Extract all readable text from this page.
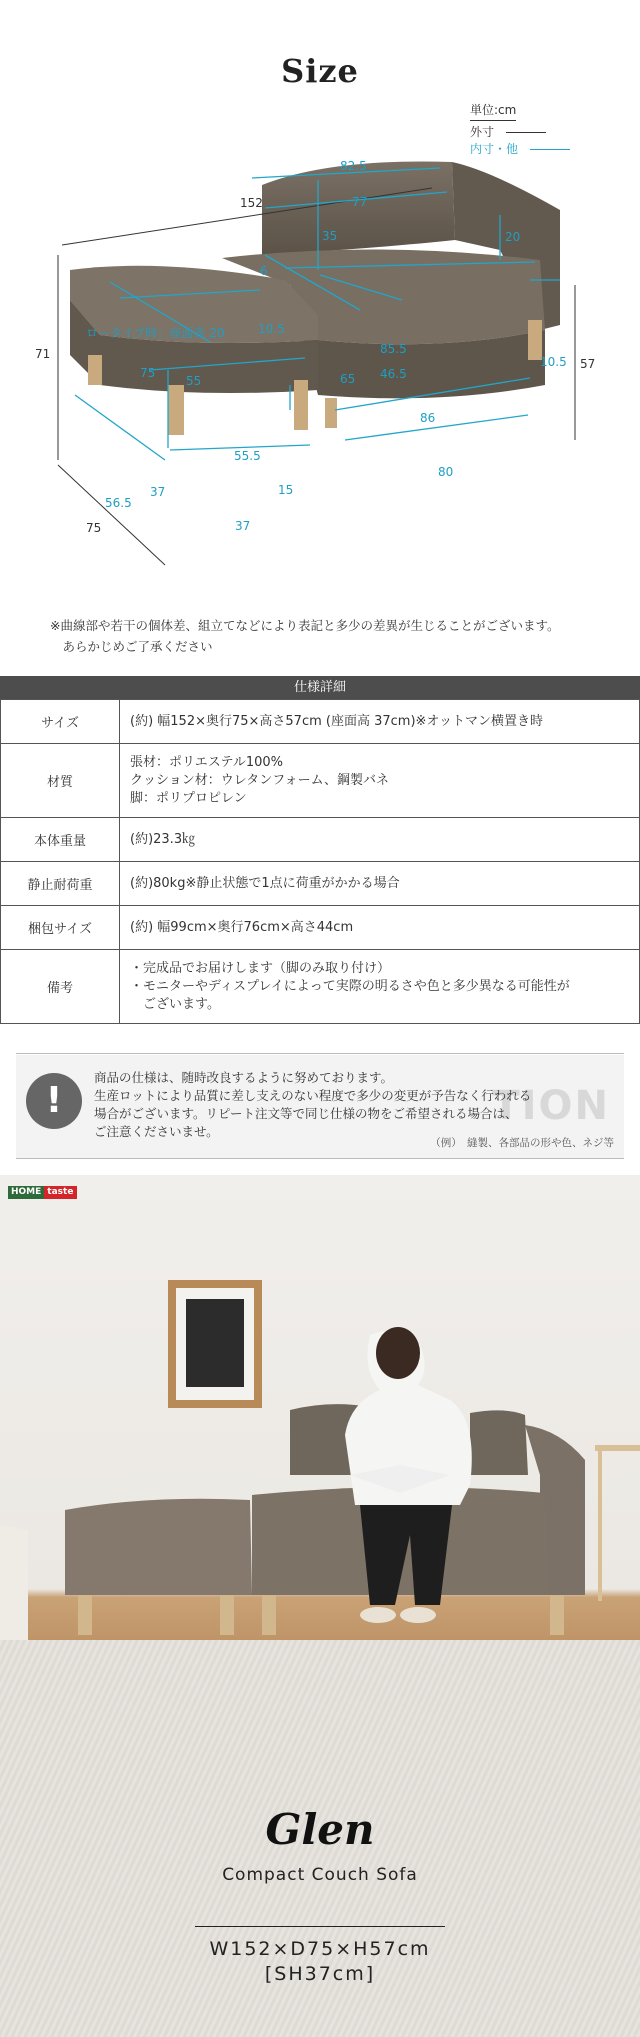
Size
単位:cm
外寸
内寸・他
152
71
57
75
ロータイプ時：座面高 20
82.5
77
6
35	20
10.5
85.5
46.5
65
10.5
75
55
55.5
56.5
37
37
15
86
80
※曲線部や若干の個体差、組立てなどにより表記と多少の差異が生じることがございます。
　あらかじめご了承ください
仕様詳細
サイズ	(約) 幅152×奥行75×高さ57cm (座面高 37cm)※オットマン横置き時

材質	張材：ポリエステル100%
クッション材：ウレタンフォーム、鋼製バネ
脚：ポリプロピレン

本体重量	(約)23.3㎏

静止耐荷重	(約)80kg※静止状態で1点に荷重がかかる場合

梱包サイズ	(約) 幅99cm×奥行76cm×高さ44cm

備考	・完成品でお届けします（脚のみ取り付け）
・モニターやディスプレイによって実際の明るさや色と多少異なる可能性が
　ございます。
TION
!
商品の仕様は、随時改良するように努めております。
生産ロットにより品質に差し支えのない程度で多少の変更が予告なく行われる
場合がございます。リピート注文等で同じ仕様の物をご希望される場合は、
ご注意くださいませ。
（例）　縫製、各部品の形や色、ネジ等
HOME taste
Glen
Compact Couch Sofa
W152×D75×H57cm
[SH37cm]
